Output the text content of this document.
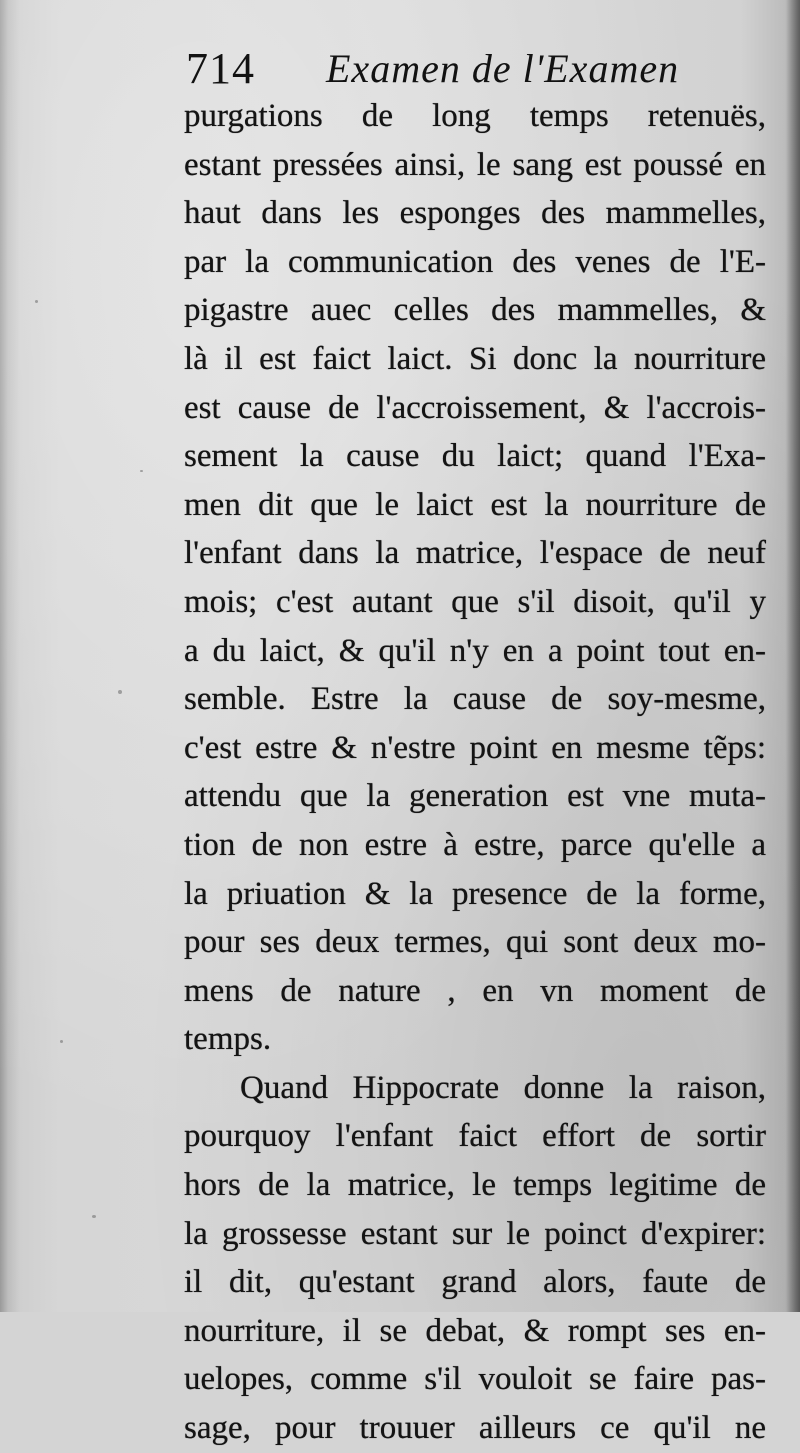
714 Examen de l'Examen
purgations de long temps retenuës,
estant pressées ainsi, le sang est poussé en
haut dans les esponges des mammelles,
par la communication des venes de l'E-
pigastre auec celles des mammelles, &
là il est faict laict. Si donc la nourriture
est cause de l'accroissement, & l'accrois-
sement la cause du laict; quand l'Exa-
men dit que le laict est la nourriture de
l'enfant dans la matrice, l'espace de neuf
mois; c'est autant que s'il disoit, qu'il y
a du laict, & qu'il n'y en a point tout en-
semble. Estre la cause de soy-mesme,
c'est estre & n'estre point en mesme tẽps:
attendu que la generation est vne muta-
tion de non estre à estre, parce qu'elle a
la priuation & la presence de la forme,
pour ses deux termes, qui sont deux mo-
mens de nature , en vn moment de
temps.
Quand Hippocrate donne la raison,
pourquoy l'enfant faict effort de sortir
hors de la matrice, le temps legitime de
la grossesse estant sur le poinct d'expirer:
il dit, qu'estant grand alors, faute de
nourriture, il se debat, & rompt ses en-
uelopes, comme s'il vouloit se faire pas-
sage, pour trouuer ailleurs ce qu'il ne
